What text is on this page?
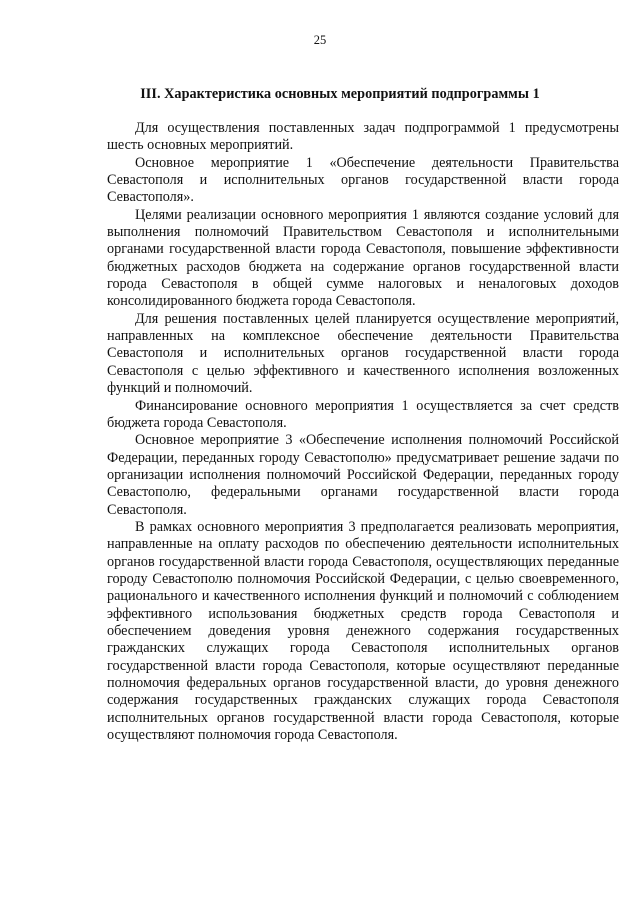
25
III. Характеристика основных мероприятий подпрограммы 1

Для осуществления поставленных задач подпрограммой 1 предусмотрены шесть основных мероприятий.

Основное мероприятие 1 «Обеспечение деятельности Правительства Севастополя и исполнительных органов государственной власти города Севастополя».

Целями реализации основного мероприятия 1 являются создание условий для выполнения полномочий Правительством Севастополя и исполнительными органами государственной власти города Севастополя, повышение эффективности бюджетных расходов бюджета на содержание органов государственной власти города Севастополя в общей сумме налоговых и неналоговых доходов консолидированного бюджета города Севастополя.

Для решения поставленных целей планируется осуществление мероприятий, направленных на комплексное обеспечение деятельности Правительства Севастополя и исполнительных органов государственной власти города Севастополя с целью эффективного и качественного исполнения возложенных функций и полномочий.

Финансирование основного мероприятия 1 осуществляется за счет средств бюджета города Севастополя.

Основное мероприятие 3 «Обеспечение исполнения полномочий Российской Федерации, переданных городу Севастополю» предусматривает решение задачи по организации исполнения полномочий Российской Федерации, переданных городу Севастополю, федеральными органами государственной власти города Севастополя.

В рамках основного мероприятия 3 предполагается реализовать мероприятия, направленные на оплату расходов по обеспечению деятельности исполнительных органов государственной власти города Севастополя, осуществляющих переданные городу Севастополю полномочия Российской Федерации, с целью своевременного, рационального и качественного исполнения функций и полномочий с соблюдением эффективного использования бюджетных средств города Севастополя и обеспечением доведения уровня денежного содержания государственных гражданских служащих города Севастополя исполнительных органов государственной власти города Севастополя, которые осуществляют переданные полномочия федеральных органов государственной власти, до уровня денежного содержания государственных гражданских служащих города Севастополя исполнительных органов государственной власти города Севастополя, которые осуществляют полномочия города Севастополя.
